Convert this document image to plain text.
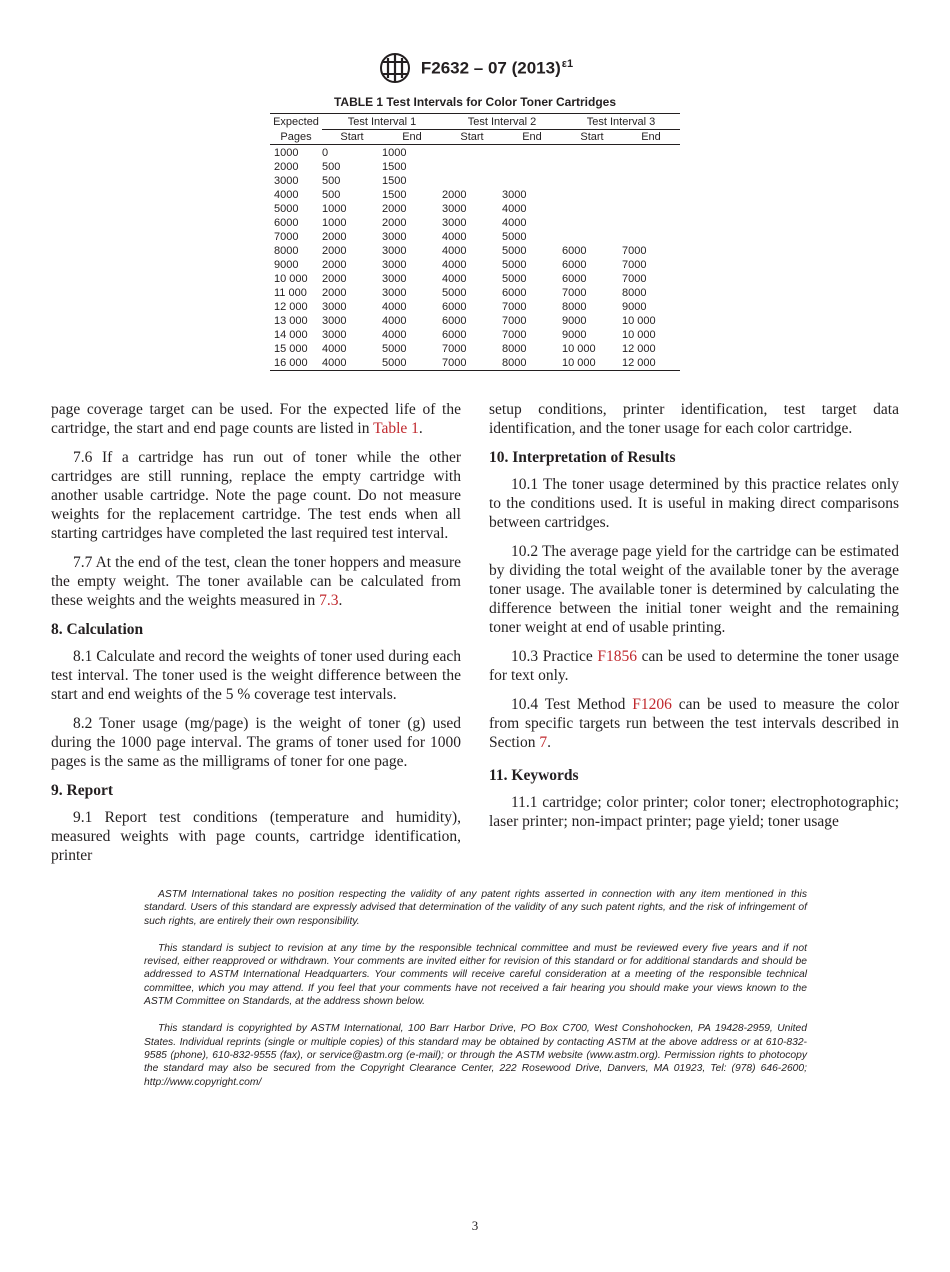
F2632 – 07 $(2013)^{\varepsilon 1}$
TABLE 1 Test Intervals for Color Toner Cartridges
Expected	Test Interval 1		Test Interval 2		Test Interval 3	
Pages	Start	End	Start	End	Start	End
1000	0	1000				
2000	500	1500				
3000	500	1500				
4000	500	1500	2000	3000		
5000	1000	2000	3000	4000		
6000	1000	2000	3000	4000		
7000	2000	3000	4000	5000		
8000	2000	3000	4000	5000	6000	7000
9000	2000	3000	4000	5000	6000	7000
10 000	2000	3000	4000	5000	6000	7000
11 000	2000	3000	5000	6000	7000	8000
12 000	3000	4000	6000	7000	8000	9000
13 000	3000	4000	6000	7000	9000	10 000
14 000	3000	4000	6000	7000	9000	10 000
15 000	4000	5000	7000	8000	10 000	12 000
16 000	4000	5000	7000	8000	10 000	12 000

page coverage target can be used. For the expected life of the cartridge, the start and end page counts are listed in Table 1.

7.6 If a cartridge has run out of toner while the other cartridges are still running, replace the empty cartridge with another usable cartridge. Note the page count. Do not measure weights for the replacement cartridge. The test ends when all starting cartridges have completed the last required test interval.

7.7 At the end of the test, clean the toner hoppers and measure the empty weight. The toner available can be calculated from these weights and the weights measured in 7.3.

8. Calculation

8.1 Calculate and record the weights of toner used during each test interval. The toner used is the weight difference between the start and end weights of the 5 % coverage test intervals.

8.2 Toner usage (mg/page) is the weight of toner (g) used during the 1000 page interval. The grams of toner used for 1000 pages is the same as the milligrams of toner for one page.

9. Report

9.1 Report test conditions (temperature and humidity), measured weights with page counts, cartridge identification, printer

setup conditions, printer identification, test target data identification, and the toner usage for each color cartridge.

10. Interpretation of Results

10.1 The toner usage determined by this practice relates only to the conditions used. It is useful in making direct comparisons between cartridges.

10.2 The average page yield for the cartridge can be estimated by dividing the total weight of the available toner by the average toner usage. The available toner is determined by calculating the difference between the initial toner weight and the remaining toner weight at end of usable printing.

10.3 Practice F1856 can be used to determine the toner usage for text only.

10.4 Test Method F1206 can be used to measure the color from specific targets run between the test intervals described in Section 7.

11. Keywords

11.1 cartridge; color printer; color toner; electrophotographic; laser printer; non-impact printer; page yield; toner usage

ASTM International takes no position respecting the validity of any patent rights asserted in connection with any item mentioned in this standard. Users of this standard are expressly advised that determination of the validity of any such patent rights, and the risk of infringement of such rights, are entirely their own responsibility.

This standard is subject to revision at any time by the responsible technical committee and must be reviewed every five years and if not revised, either reapproved or withdrawn. Your comments are invited either for revision of this standard or for additional standards and should be addressed to ASTM International Headquarters. Your comments will receive careful consideration at a meeting of the responsible technical committee, which you may attend. If you feel that your comments have not received a fair hearing you should make your views known to the ASTM Committee on Standards, at the address shown below.

This standard is copyrighted by ASTM International, 100 Barr Harbor Drive, PO Box C700, West Conshohocken, PA 19428-2959, United States. Individual reprints (single or multiple copies) of this standard may be obtained by contacting ASTM at the above address or at 610-832-9585 (phone), 610-832-9555 (fax), or service@astm.org (e-mail); or through the ASTM website (www.astm.org). Permission rights to photocopy the standard may also be secured from the Copyright Clearance Center, 222 Rosewood Drive, Danvers, MA 01923, Tel: (978) 646-2600; http://www.copyright.com/

3
